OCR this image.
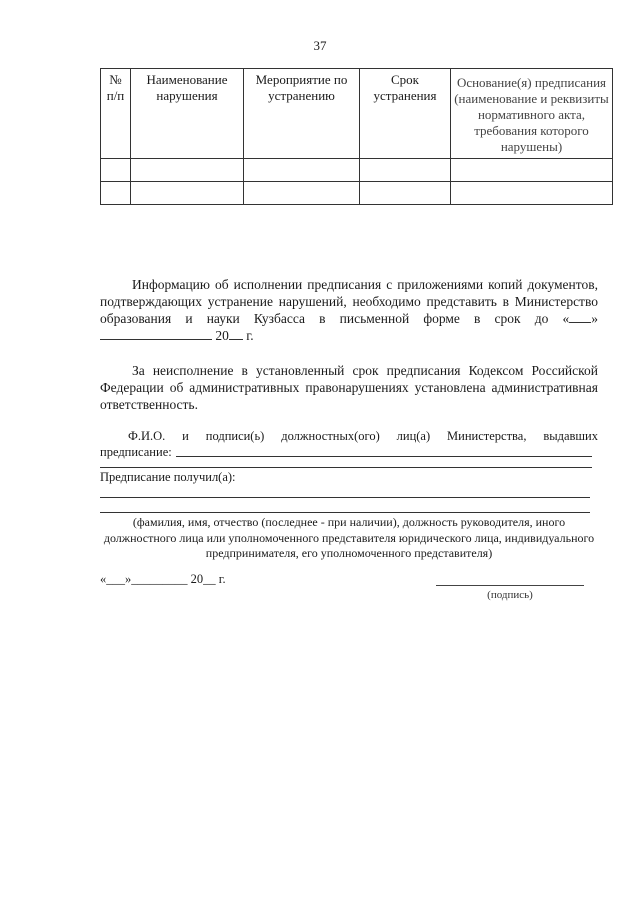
37
№ п/п	Наименование нарушения	Мероприятие по устранению	Срок устранения	Основание(я) предписания (наименование и реквизиты нормативного акта, требования которого нарушены)

Информацию об исполнении предписания с приложениями копий документов, подтверждающих устранение нарушений, необходимо представить в Министерство образования и науки Кузбасса в письменной форме в срок до « » 20 г.
За неисполнение в установленный срок предписания Кодексом Российской Федерации об административных правонарушениях установлена административная ответственность.
Ф.И.О. и подписи(ь) должностных(ого) лиц(а) Министерства, выдавших
предписание:
Предписание получил(а):
(фамилия, имя, отчество (последнее - при наличии), должность руководителя, иного должностного лица или уполномоченного представителя юридического лица, индивидуального предпринимателя, его уполномоченного представителя)
«___»_________ 20__ г.
(подпись)
